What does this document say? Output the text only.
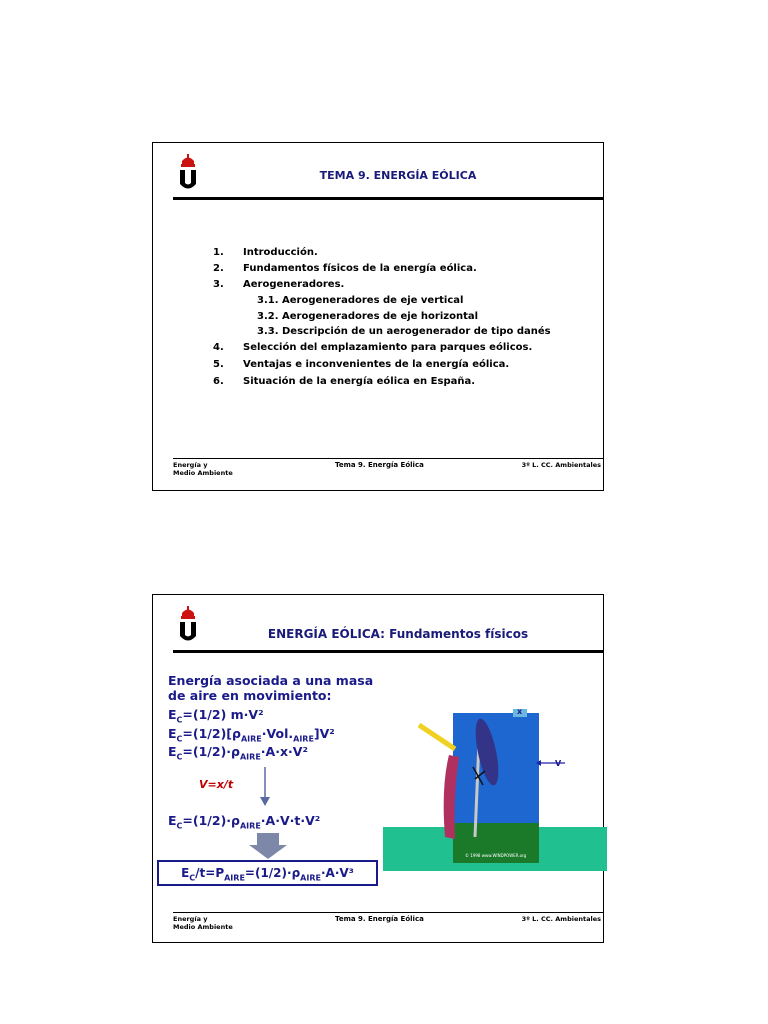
TEMA 9. ENERGÍA EÓLICA
1.	Introducción.
2.	Fundamentos físicos de la energía eólica.
3.	Aerogeneradores.
3.1. Aerogeneradores de eje vertical
3.2. Aerogeneradores de eje horizontal
3.3. Descripción de un aerogenerador de tipo danés
4.	Selección del emplazamiento para parques eólicos.
5.	Ventajas e inconvenientes de la energía eólica.
6.	Situación de la energía eólica en España.
Energía y
Medio Ambiente
Tema 9. Energía Eólica	3º L. CC. Ambientales
ENERGÍA EÓLICA: Fundamentos físicos
Energía asociada a una masa
de aire en movimiento:
$E_C=(1/2)$ m·V²
$E_C=(1/2)[\rho_{AIRE}\cdot Vol._{AIRE}]V^2$
$E_C=(1/2)\cdot\rho_{AIRE}\cdot A\cdot x\cdot V^2$
V=x/t
$E_C=(1/2)\cdot\rho_{AIRE}\cdot A\cdot V\cdot t\cdot V^2$
$E_C/t=P_{AIRE}=(1/2)\cdot\rho_{AIRE}\cdot A\cdot V^3$
V
x
© 1998 www.WINDPOWER.org
Energía y
Medio Ambiente
Tema 9. Energía Eólica	3º L. CC. Ambientales
